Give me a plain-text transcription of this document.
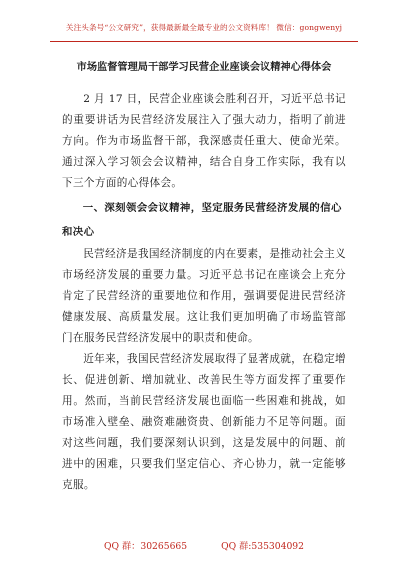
关注头条号“公文研究”，获得最新最全最专业的公文资料库！ 微信：gongwenyj
市场监督管理局干部学习民营企业座谈会议精神心得体会

2 月 17 日，民营企业座谈会胜利召开，习近平总书记的重要讲话为民营经济发展注入了强大动力，指明了前进方向。作为市场监督干部，我深感责任重大、使命光荣。通过深入学习领会会议精神，结合自身工作实际，我有以下三个方面的心得体会。

一、深刻领会会议精神，坚定服务民营经济发展的信心和决心

民营经济是我国经济制度的内在要素，是推动社会主义市场经济发展的重要力量。习近平总书记在座谈会上充分肯定了民营经济的重要地位和作用，强调要促进民营经济健康发展、高质量发展。这让我们更加明确了市场监管部门在服务民营经济发展中的职责和使命。

近年来，我国民营经济发展取得了显著成就，在稳定增长、促进创新、增加就业、改善民生等方面发挥了重要作用。然而，当前民营经济发展也面临一些困难和挑战，如市场准入壁垒、融资难融资贵、创新能力不足等问题。面对这些问题，我们要深刻认识到，这是发展中的问题、前进中的困难，只要我们坚定信心、齐心协力，就一定能够克服。

QQ 群：30265665	QQ 群:535304092
